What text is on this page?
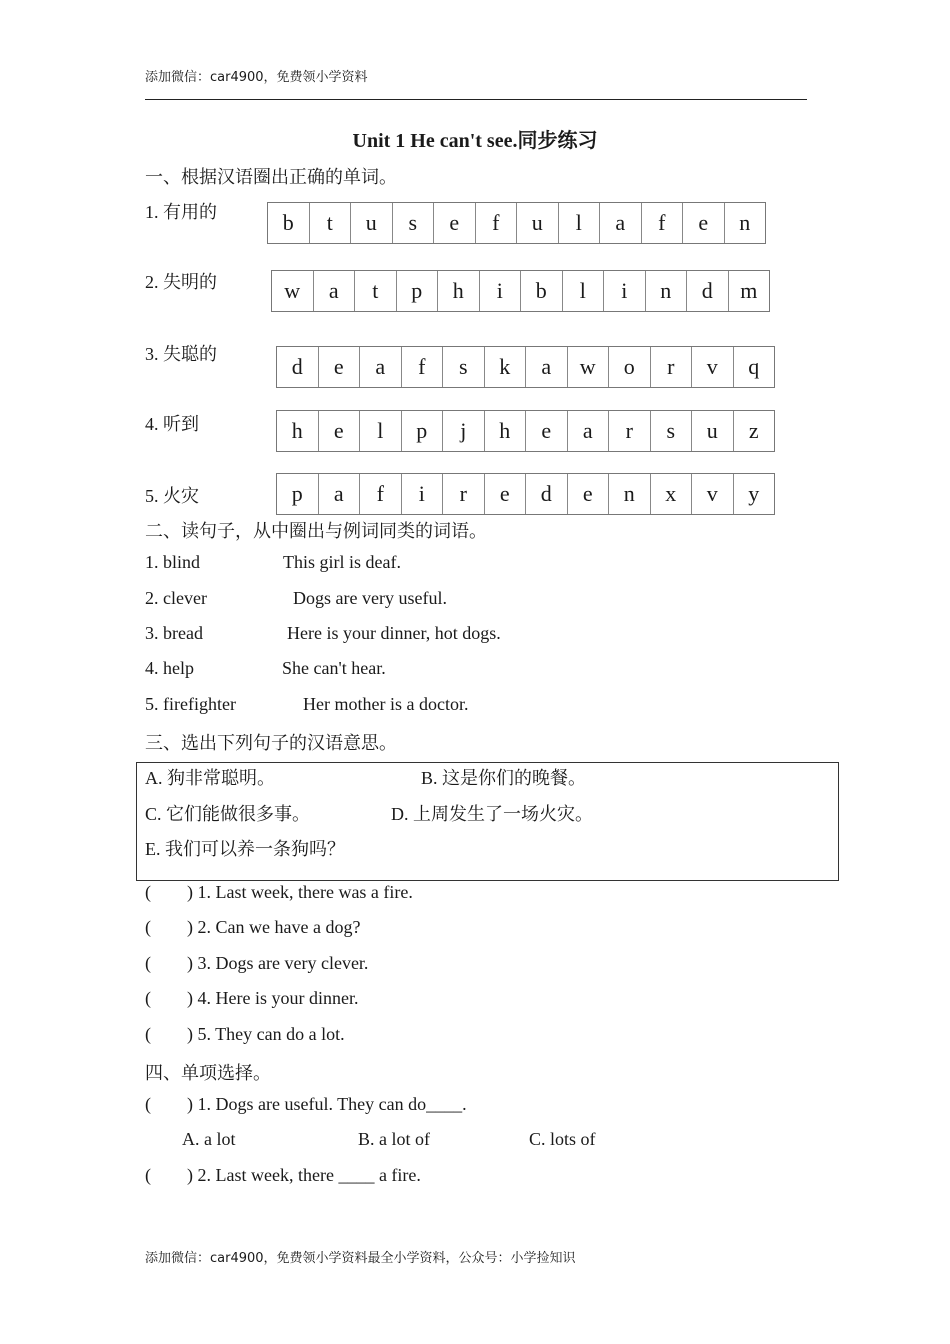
添加微信：car4900，免费领小学资料
Unit 1 He can't see.同步练习
一、根据汉语圈出正确的单词。
1. 有用的	b	t	u	s	e	f	u	l	a	f	e	n
2. 失明的	w	a	t	p	h	i	b	l	i	n	d	m
3. 失聪的	d	e	a	f	s	k	a	w	o	r	v	q
4. 听到	h	e	l	p	j	h	e	a	r	s	u	z
5. 火灾	p	a	f	i	r	e	d	e	n	x	v	y
二、读句子，从中圈出与例词同类的词语。
1. blind	This girl is deaf.
2. clever	Dogs are very useful.
3. bread	Here is your dinner, hot dogs.
4. help	She can't hear.
5. firefighter	Her mother is a doctor.
三、选出下列句子的汉语意思。
A. 狗非常聪明。	B. 这是你们的晚餐。
C. 它们能做很多事。	D. 上周发生了一场火灾。
E. 我们可以养一条狗吗？
( ) 1. Last week, there was a fire.
( ) 2. Can we have a dog?
( ) 3. Dogs are very clever.
( ) 4. Here is your dinner.
( ) 5. They can do a lot.
四、单项选择。
( ) 1. Dogs are useful. They can do____.
A. a lot	B. a lot of	C. lots of
( ) 2. Last week, there ____ a fire.
添加微信：car4900，免费领小学资料最全小学资料，公众号：小学捡知识
